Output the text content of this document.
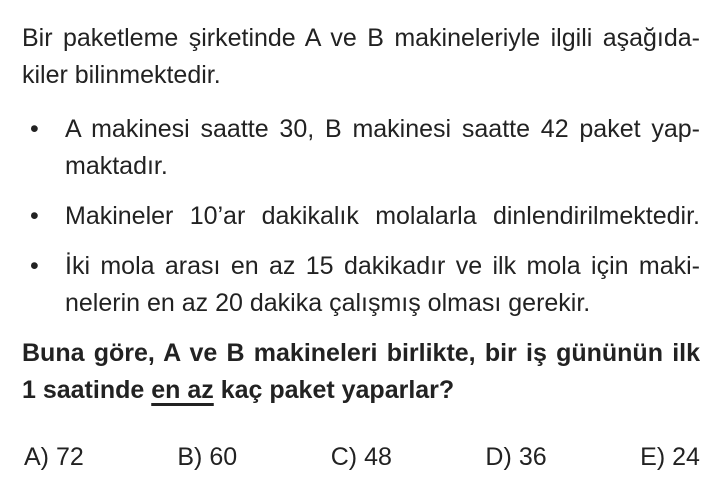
Bir paketleme şirketinde A ve B makineleriyle ilgili aşağıda-
kiler bilinmektedir.

•	A makinesi saatte 30, B makinesi saatte 42 paket yap-
maktadır.
•	Makineler 10’ar dakikalık molalarla dinlendirilmektedir.
•	İki mola arası en az 15 dakikadır ve ilk mola için maki-
nelerin en az 20 dakika çalışmış olması gerekir.

Buna göre, A ve B makineleri birlikte, bir iş gününün ilk
1 saatinde en az kaç paket yaparlar?

A) 72	B) 60	C) 48	D) 36	E) 24
